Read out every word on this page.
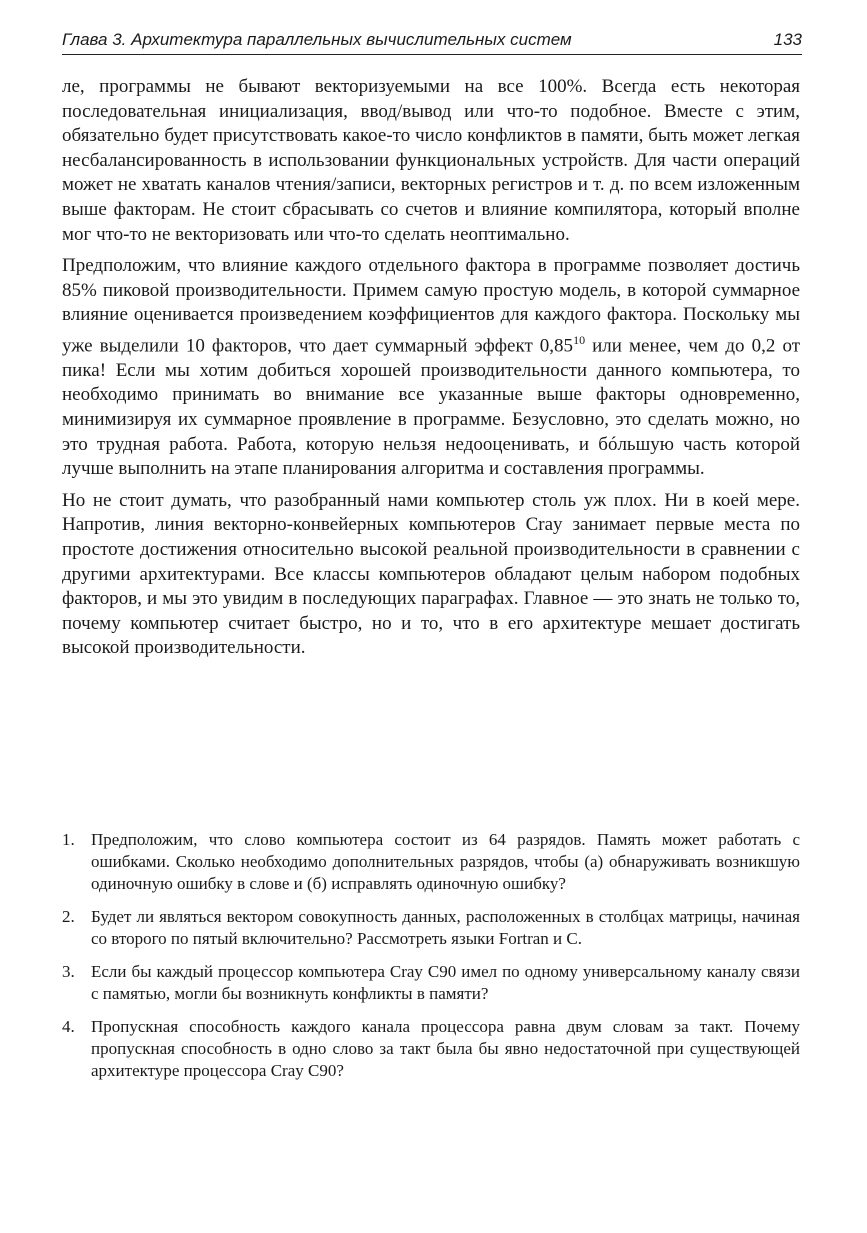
Глава 3. Архитектура параллельных вычислительных систем	133

ле, программы не бывают векторизуемыми на все 100%. Всегда есть некоторая последовательная инициализация, ввод/вывод или что-то подобное. Вместе с этим, обязательно будет присутствовать какое-то число конфликтов в памяти, быть может легкая несбалансированность в использовании функциональных устройств. Для части операций может не хватать каналов чтения/записи, векторных регистров и т. д. по всем изложенным выше факторам. Не стоит сбрасывать со счетов и влияние компилятора, который вполне мог что-то не векторизовать или что-то сделать неоптимально.

Предположим, что влияние каждого отдельного фактора в программе позволяет достичь 85% пиковой производительности. Примем самую простую модель, в которой суммарное влияние оценивается произведением коэффициентов для каждого фактора. Поскольку мы уже выделили 10 факторов, что дает суммарный эффект 0,85$^{10}$ или менее, чем до 0,2 от пика! Если мы хотим добиться хорошей производительности данного компьютера, то необходимо принимать во внимание все указанные выше факторы одновременно, минимизируя их суммарное проявление в программе. Безусловно, это сделать можно, но это трудная работа. Работа, которую нельзя недооценивать, и бóльшую часть которой лучше выполнить на этапе планирования алгоритма и составления программы.

Но не стоит думать, что разобранный нами компьютер столь уж плох. Ни в коей мере. Напротив, линия векторно-конвейерных компьютеров Cray занимает первые места по простоте достижения относительно высокой реальной производительности в сравнении с другими архитектурами. Все классы компьютеров обладают целым набором подобных факторов, и мы это увидим в последующих параграфах. Главное — это знать не только то, почему компьютер считает быстро, но и то, что в его архитектуре мешает достигать высокой производительности.

1. Предположим, что слово компьютера состоит из 64 разрядов. Память может работать с ошибками. Сколько необходимо дополнительных разрядов, чтобы (а) обнаруживать возникшую одиночную ошибку в слове и (б) исправлять одиночную ошибку?
2. Будет ли являться вектором совокупность данных, расположенных в столбцах матрицы, начиная со второго по пятый включительно? Рассмотреть языки Fortran и C.
3. Если бы каждый процессор компьютера Cray C90 имел по одному универсальному каналу связи с памятью, могли бы возникнуть конфликты в памяти?
4. Пропускная способность каждого канала процессора равна двум словам за такт. Почему пропускная способность в одно слово за такт была бы явно недостаточной при существующей архитектуре процессора Cray C90?
